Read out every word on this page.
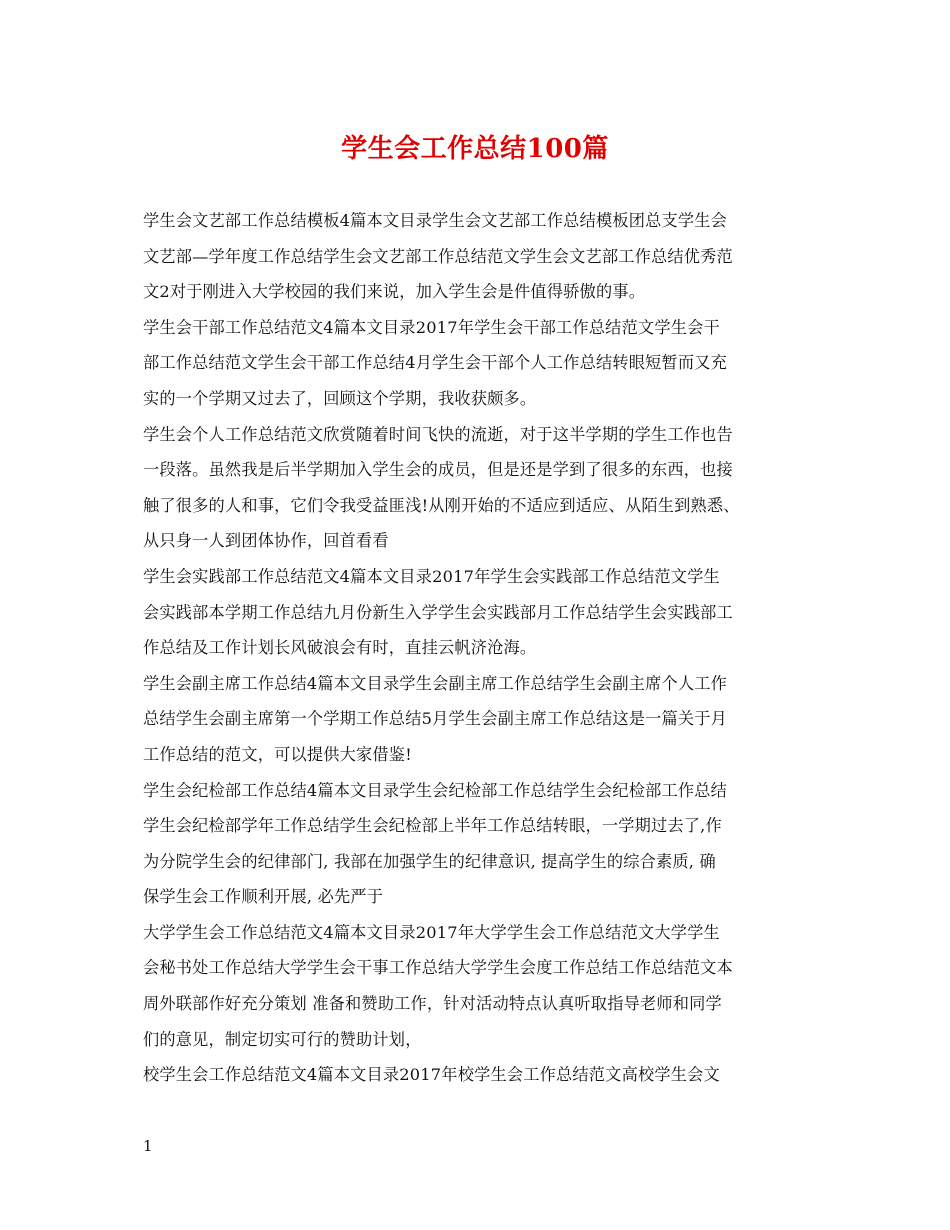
学生会工作总结100篇
学生会文艺部工作总结模板4篇本文目录学生会文艺部工作总结模板团总支学生会
文艺部—学年度工作总结学生会文艺部工作总结范文学生会文艺部工作总结优秀范
文2对于刚进入大学校园的我们来说，加入学生会是件值得骄傲的事。
学生会干部工作总结范文4篇本文目录2017年学生会干部工作总结范文学生会干
部工作总结范文学生会干部工作总结4月学生会干部个人工作总结转眼短暂而又充
实的一个学期又过去了，回顾这个学期，我收获颇多。
学生会个人工作总结范文欣赏随着时间飞快的流逝，对于这半学期的学生工作也告
一段落。虽然我是后半学期加入学生会的成员，但是还是学到了很多的东西，也接
触了很多的人和事，它们令我受益匪浅!从刚开始的不适应到适应、从陌生到熟悉、
从只身一人到团体协作，回首看看
学生会实践部工作总结范文4篇本文目录2017年学生会实践部工作总结范文学生
会实践部本学期工作总结九月份新生入学学生会实践部月工作总结学生会实践部工
作总结及工作计划长风破浪会有时，直挂云帆济沧海。
学生会副主席工作总结4篇本文目录学生会副主席工作总结学生会副主席个人工作
总结学生会副主席第一个学期工作总结5月学生会副主席工作总结这是一篇关于月
工作总结的范文，可以提供大家借鉴!
学生会纪检部工作总结4篇本文目录学生会纪检部工作总结学生会纪检部工作总结
学生会纪检部学年工作总结学生会纪检部上半年工作总结转眼，一学期过去了,作
为分院学生会的纪律部门, 我部在加强学生的纪律意识, 提高学生的综合素质, 确
保学生会工作顺利开展, 必先严于
大学学生会工作总结范文4篇本文目录2017年大学学生会工作总结范文大学学生
会秘书处工作总结大学学生会干事工作总结大学学生会度工作总结工作总结范文本
周外联部作好充分策划 准备和赞助工作，针对活动特点认真听取指导老师和同学
们的意见，制定切实可行的赞助计划，
校学生会工作总结范文4篇本文目录2017年校学生会工作总结范文高校学生会文
1
